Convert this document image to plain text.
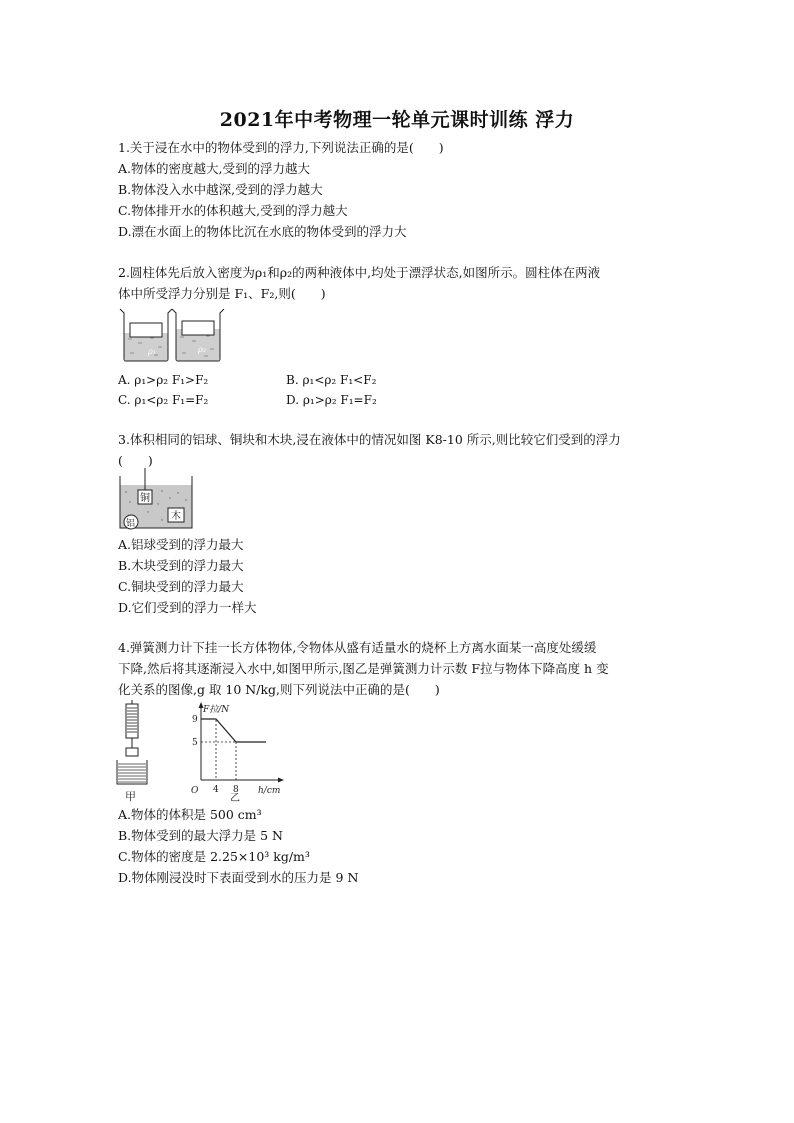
2021年中考物理一轮单元课时训练 浮力
1.关于浸在水中的物体受到的浮力,下列说法正确的是(　　)
A.物体的密度越大,受到的浮力越大
B.物体没入水中越深,受到的浮力越大
C.物体排开水的体积越大,受到的浮力越大
D.漂在水面上的物体比沉在水底的物体受到的浮力大
2.圆柱体先后放入密度为ρ₁和ρ₂的两种液体中,均处于漂浮状态,如图所示。圆柱体在两液
体中所受浮力分别是 F₁、F₂,则(　　)
ρ₁	ρ₂
A. ρ₁>ρ₂ F₁>F₂	B. ρ₁<ρ₂ F₁<F₂
C. ρ₁<ρ₂ F₁=F₂	D. ρ₁>ρ₂ F₁=F₂
3.体积相同的铝球、铜块和木块,浸在液体中的情况如图 K8-10 所示,则比较它们受到的浮力
(　　)
铜
铝
木
A.铝球受到的浮力最大
B.木块受到的浮力最大
C.铜块受到的浮力最大
D.它们受到的浮力一样大
4.弹簧测力计下挂一长方体物体,令物体从盛有适量水的烧杯上方离水面某一高度处缓缓
下降,然后将其逐渐浸入水中,如图甲所示,图乙是弹簧测力计示数 F拉与物体下降高度 h 变
化关系的图像,g 取 10 N/kg,则下列说法中正确的是(　　)
甲
F拉/N
h/cm
O
9
5
4 8
乙
A.物体的体积是 500 cm³
B.物体受到的最大浮力是 5 N
C.物体的密度是 2.25×10³ kg/m³
D.物体刚浸没时下表面受到水的压力是 9 N
